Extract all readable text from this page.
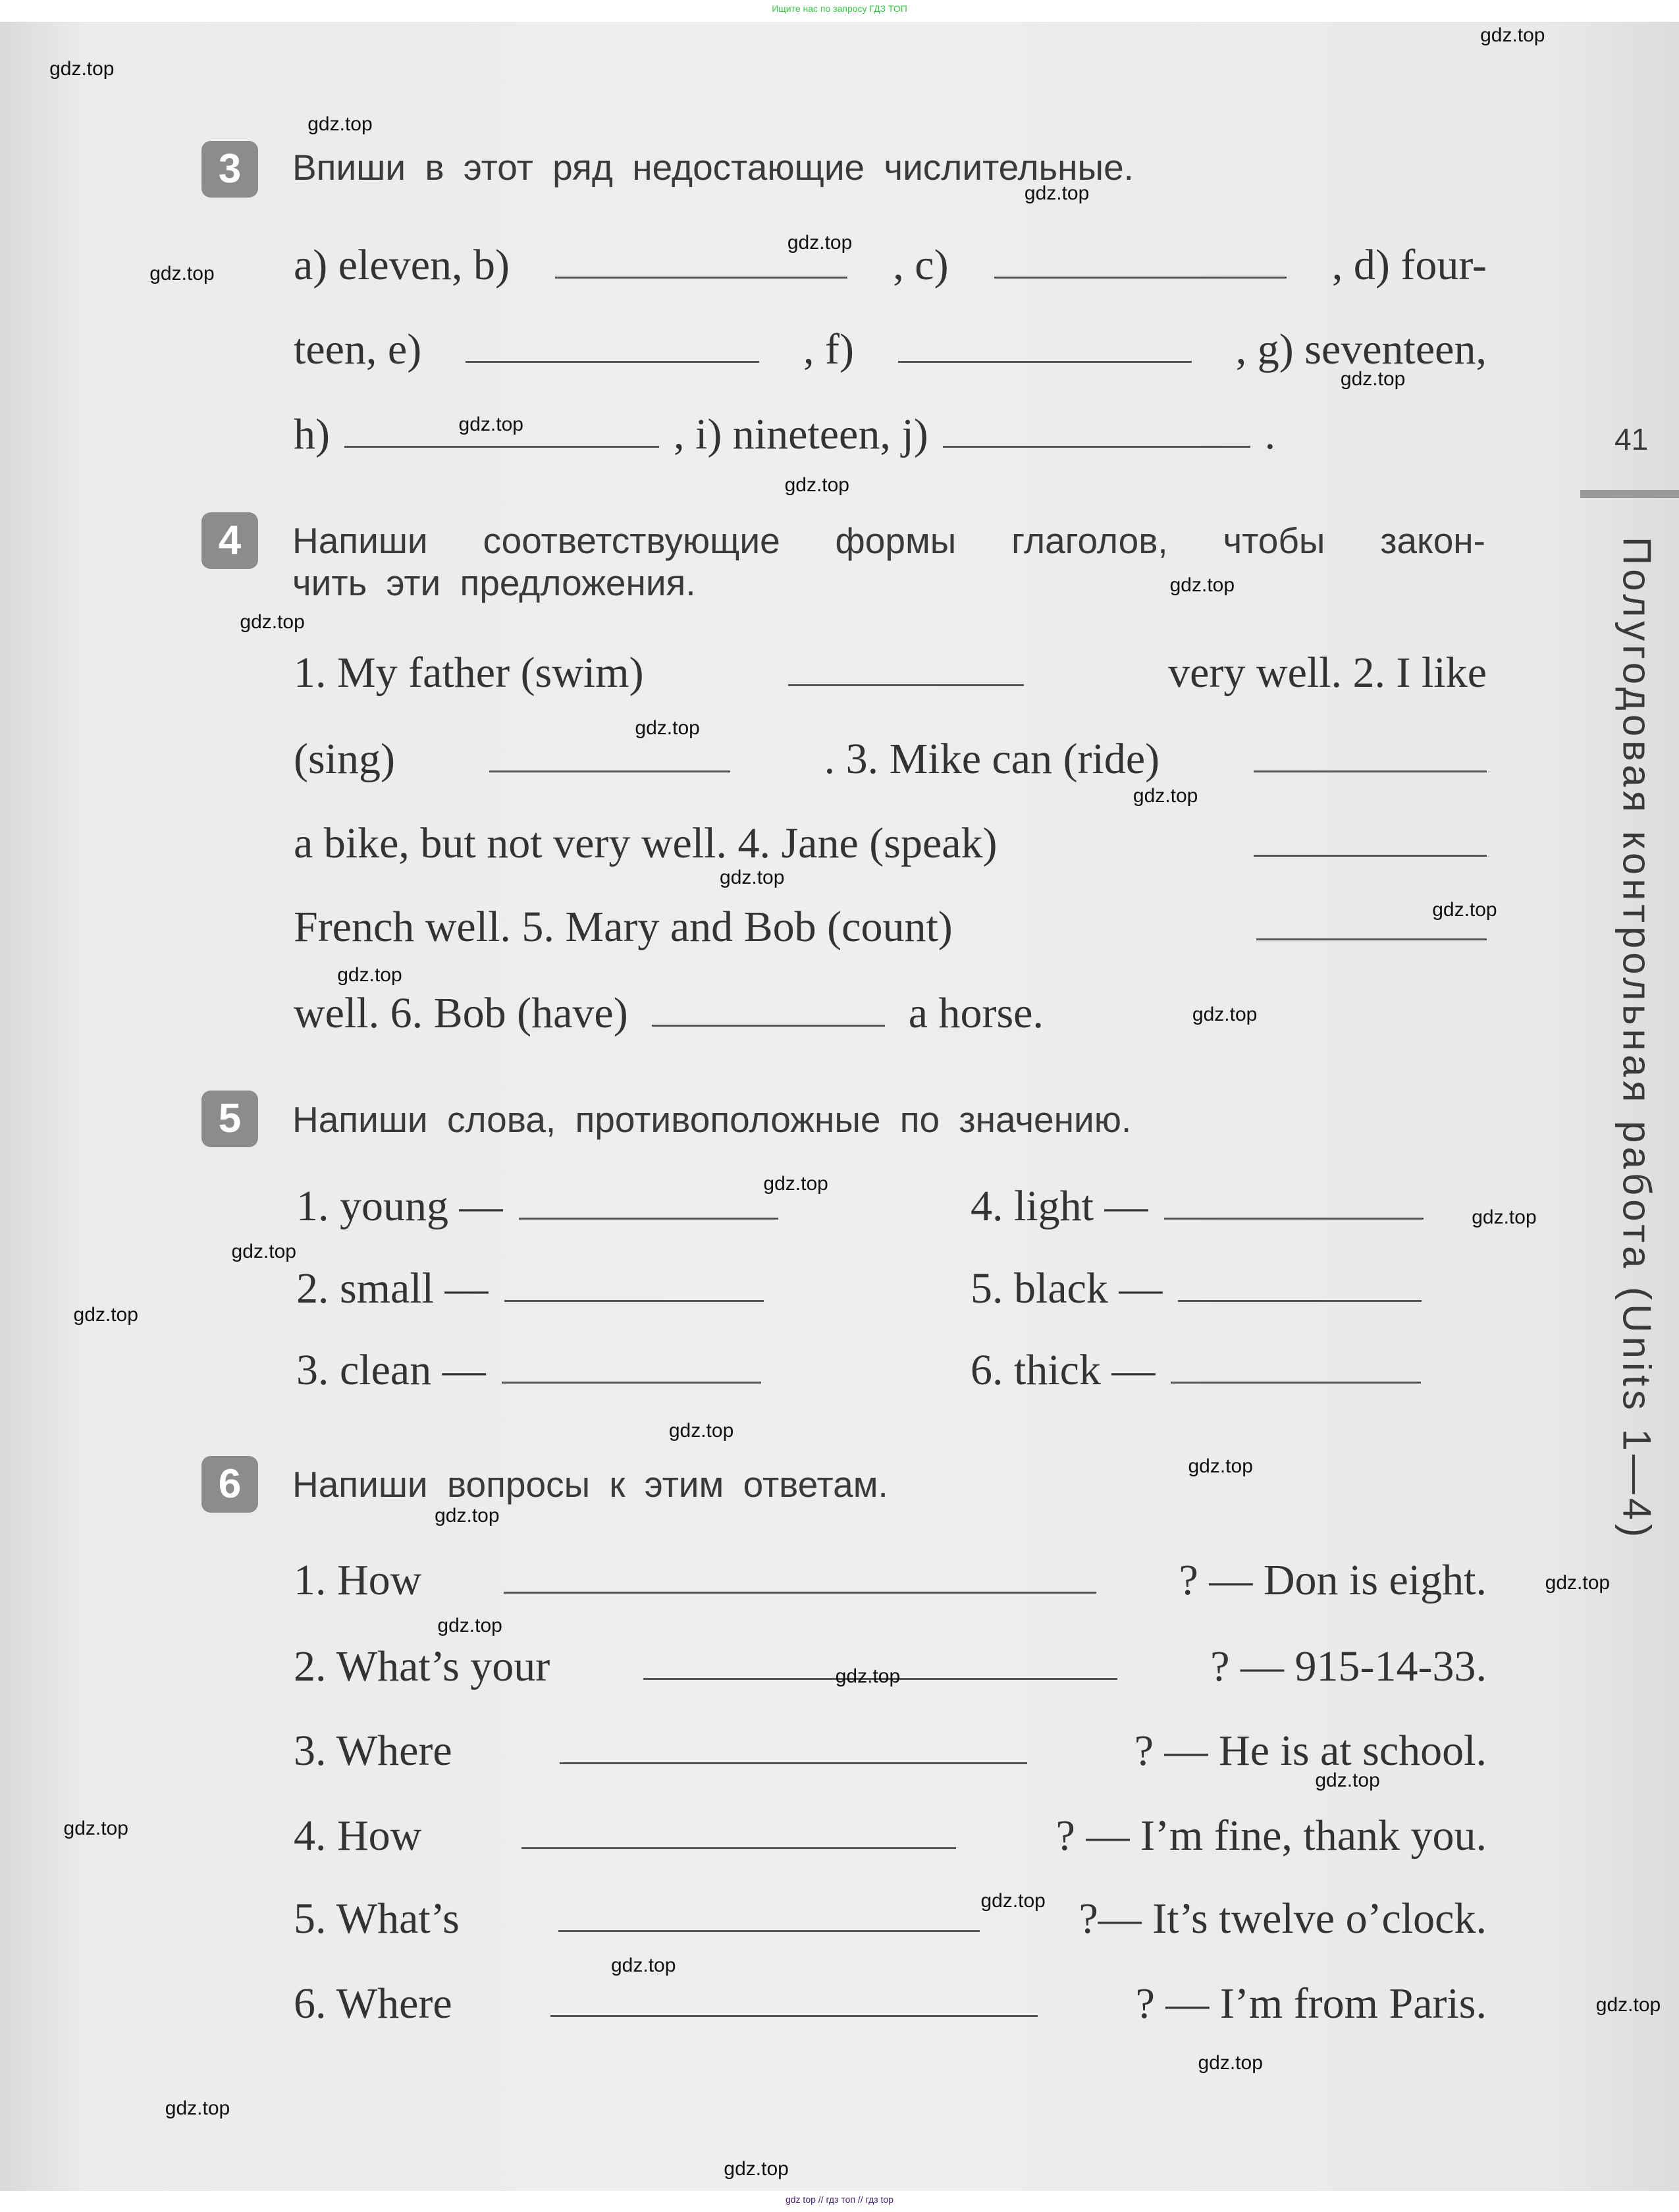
Ищите нас по запросу ГДЗ ТОП
41
Полугодовая контрольная работа (Units 1—4)
3	Впиши в этот ряд недостающие числительные.
a) eleven, b)	, c)	, d) four-
teen, e)	, f)	, g) seventeen,
h)	, i) nineteen, j)	.
4	Напиши соответствующие формы глаголов, чтобы закон-
чить эти предложения.
1. My father (swim)	very well. 2. I like
(sing)	. 3. Mike can (ride)
a bike, but not very well. 4. Jane (speak)
French well. 5. Mary and Bob (count)
well. 6. Bob (have)	a horse.
5	Напиши слова, противоположные по значению.
1. young —
2. small —
3. clean —
4. light —
5. black —
6. thick —
6	Напиши вопросы к этим ответам.
1. How	? — Don is eight.
2. What’s your	? — 915-14-33.
3. Where	? — He is at school.
4. How	? — I’m fine, thank you.
5. What’s	?— It’s twelve o’clock.
6. Where	? — I’m from Paris.
gdz top // гдз топ // гдз top
gdz.top
gdz.top
gdz.top
gdz.top
gdz.top
gdz.top
gdz.top
gdz.top
gdz.top
gdz.top
gdz.top
gdz.top
gdz.top
gdz.top
gdz.top
gdz.top
gdz.top
gdz.top
gdz.top
gdz.top
gdz.top
gdz.top
gdz.top
gdz.top
gdz.top
gdz.top
gdz.top
gdz.top
gdz.top
gdz.top
gdz.top
gdz.top
gdz.top
gdz.top
gdz.top
